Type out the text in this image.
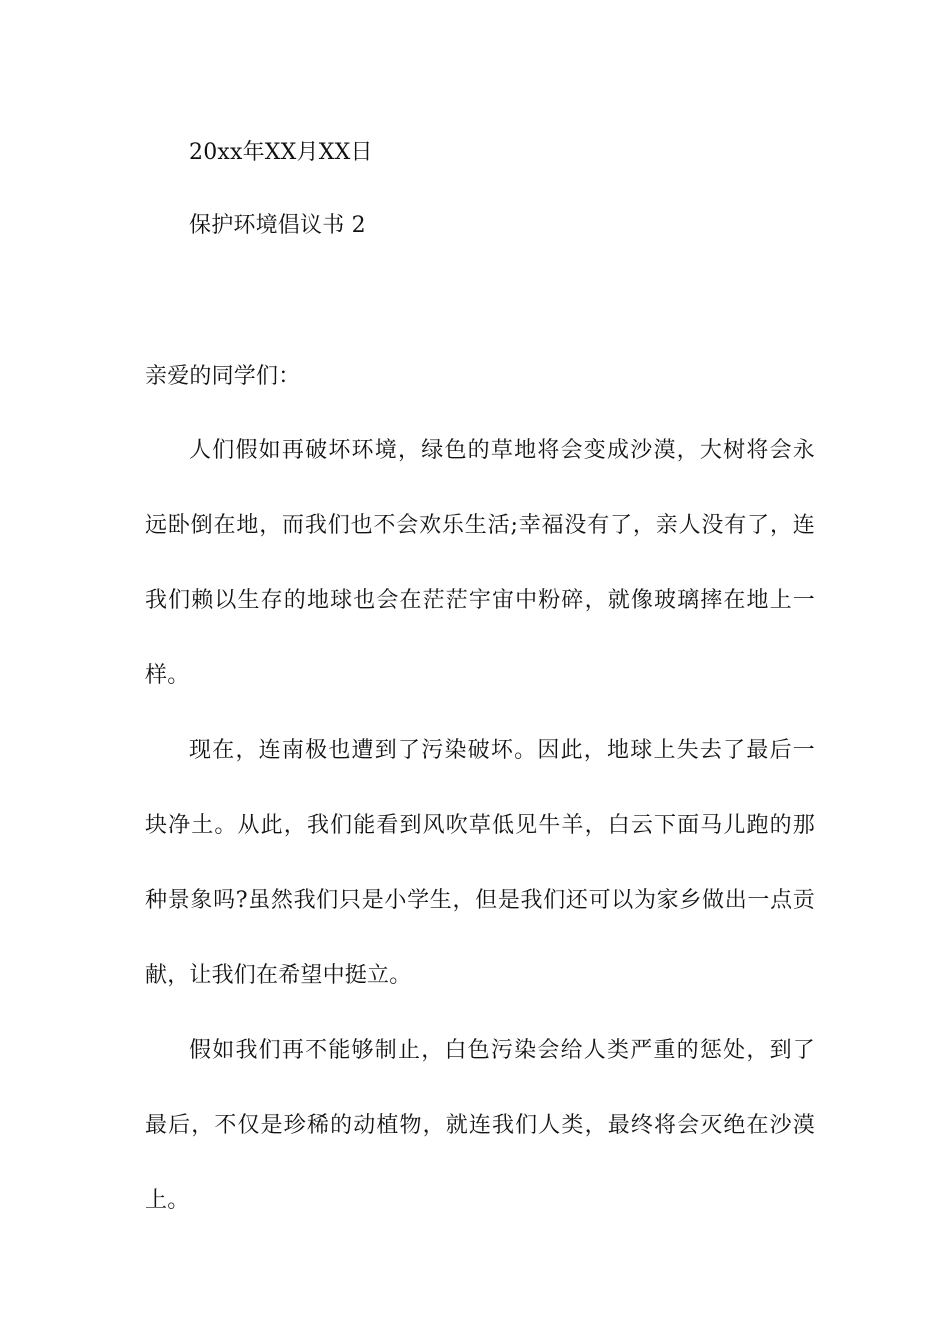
20xx年XX月XX日
保护环境倡议书 2
亲爱的同学们：
人们假如再破坏环境，绿色的草地将会变成沙漠，大树将会永
远卧倒在地，而我们也不会欢乐生活;幸福没有了，亲人没有了，连
我们赖以生存的地球也会在茫茫宇宙中粉碎，就像玻璃摔在地上一
样。
现在，连南极也遭到了污染破坏。因此，地球上失去了最后一
块净土。从此，我们能看到风吹草低见牛羊，白云下面马儿跑的那
种景象吗?虽然我们只是小学生，但是我们还可以为家乡做出一点贡
献，让我们在希望中挺立。
假如我们再不能够制止，白色污染会给人类严重的惩处，到了
最后，不仅是珍稀的动植物，就连我们人类，最终将会灭绝在沙漠
上。
